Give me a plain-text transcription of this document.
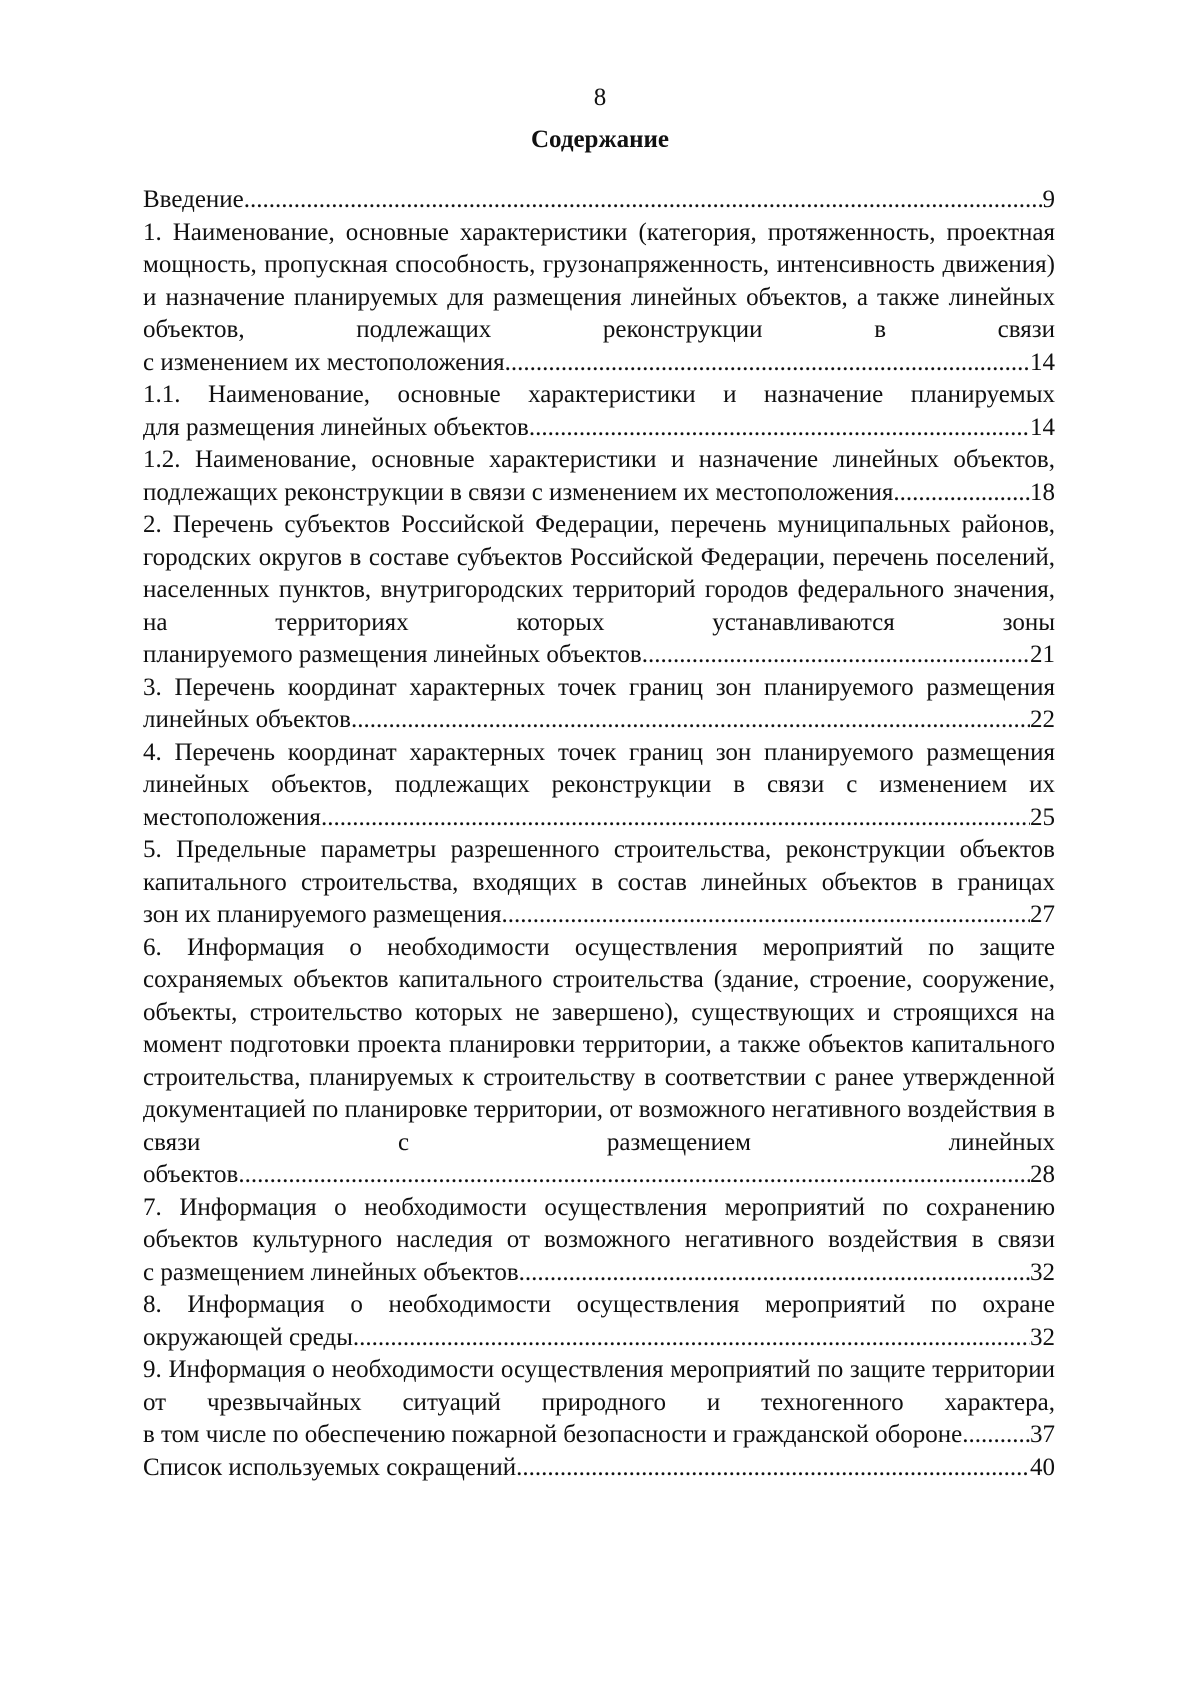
8
Содержание
Введение .....	9
1. Наименование, основные характеристики (категория, протяженность, проектная мощность, пропускная способность, грузонапряженность, интенсивность движения) и назначение планируемых для размещения линейных объектов, а также линейных объектов, подлежащих реконструкции в связи
с изменением их местоположения .....	14
1.1. Наименование, основные характеристики и назначение планируемых
для размещения линейных объектов .....	14
1.2. Наименование, основные характеристики и назначение линейных объектов,
подлежащих реконструкции в связи с изменением их местоположения .....	18
2. Перечень субъектов Российской Федерации, перечень муниципальных районов, городских округов в составе субъектов Российской Федерации, перечень поселений, населенных пунктов, внутригородских территорий городов федерального значения, на территориях которых устанавливаются зоны
планируемого размещения линейных объектов .....	21
3. Перечень координат характерных точек границ зон планируемого размещения
линейных объектов .....	22
4. Перечень координат характерных точек границ зон планируемого размещения линейных объектов, подлежащих реконструкции в связи с изменением их
местоположения .....	25
5. Предельные параметры разрешенного строительства, реконструкции объектов капитального строительства, входящих в состав линейных объектов в границах
зон их планируемого размещения .....	27
6. Информация о необходимости осуществления мероприятий по защите сохраняемых объектов капитального строительства (здание, строение, сооружение, объекты, строительство которых не завершено), существующих и строящихся на момент подготовки проекта планировки территории, а также объектов капитального строительства, планируемых к строительству в соответствии с ранее утвержденной документацией по планировке территории, от возможного негативного воздействия в связи с размещением линейных
объектов .....	28
7. Информация о необходимости осуществления мероприятий по сохранению объектов культурного наследия от возможного негативного воздействия в связи
с размещением линейных объектов .....	32
8. Информация о необходимости осуществления мероприятий по охране
окружающей среды .....	32
9. Информация о необходимости осуществления мероприятий по защите территории от чрезвычайных ситуаций природного и техногенного характера,
в том числе по обеспечению пожарной безопасности и гражданской обороне .....	37
Список используемых сокращений .....	40
